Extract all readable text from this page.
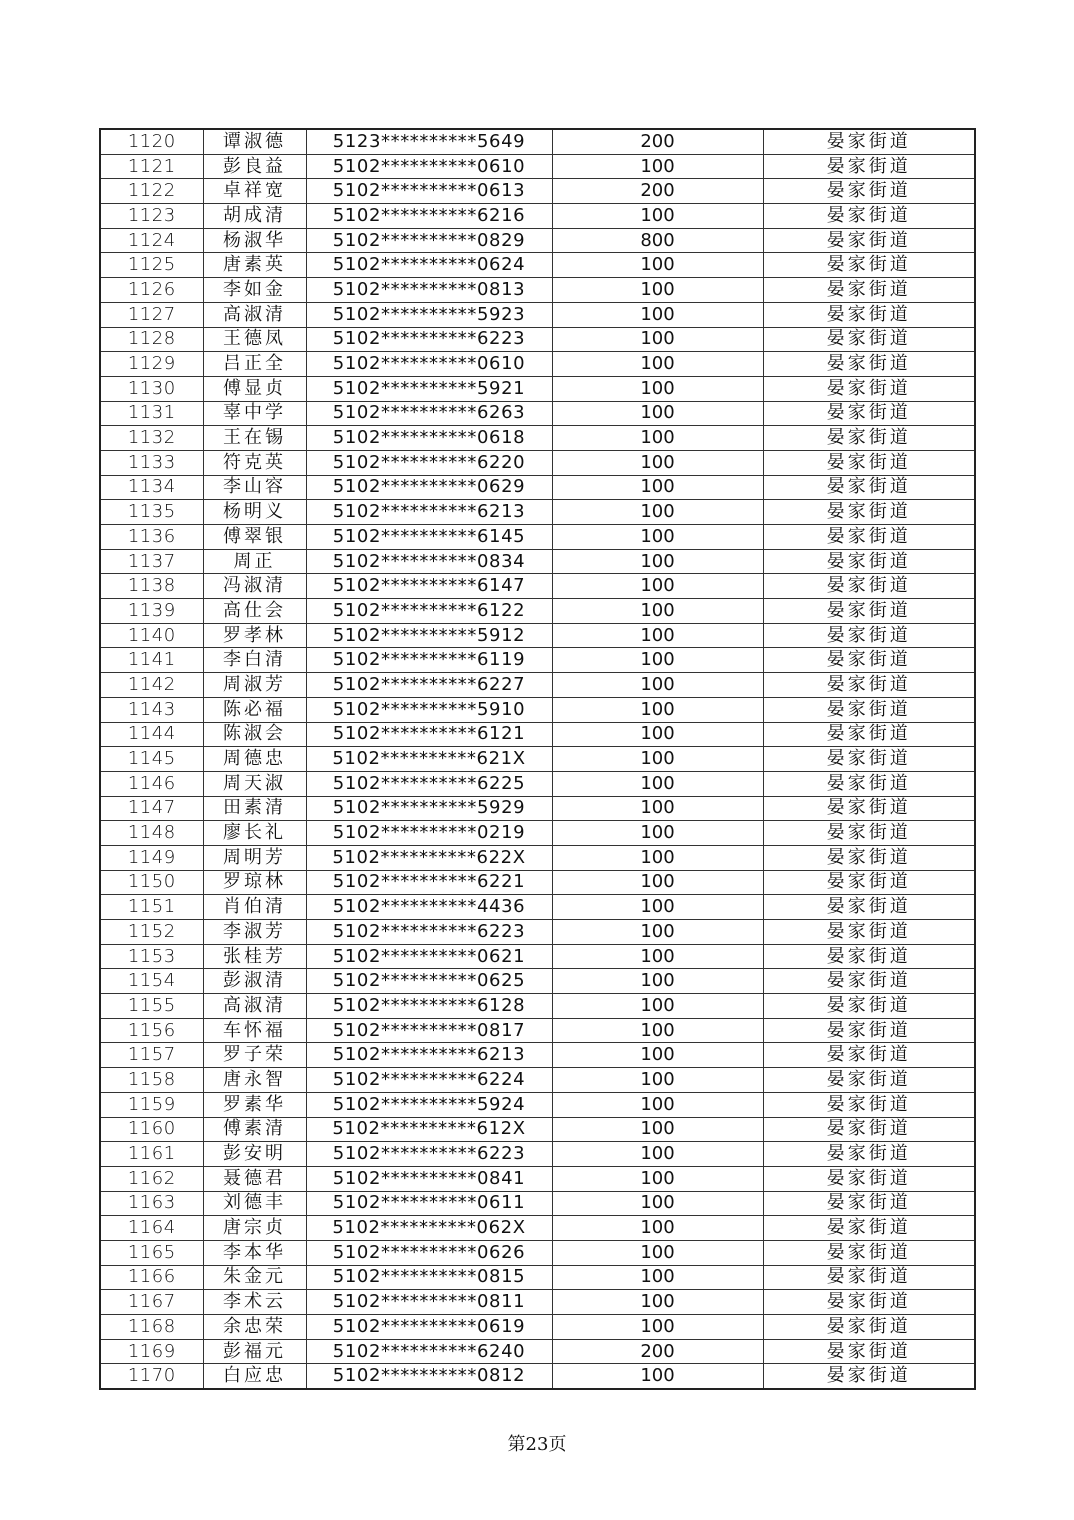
1120	谭淑德	5123**********5649	200	晏家街道
1121	彭良益	5102**********0610	100	晏家街道
1122	卓祥宽	5102**********0613	200	晏家街道
1123	胡成清	5102**********6216	100	晏家街道
1124	杨淑华	5102**********0829	800	晏家街道
1125	唐素英	5102**********0624	100	晏家街道
1126	李如金	5102**********0813	100	晏家街道
1127	高淑清	5102**********5923	100	晏家街道
1128	王德凤	5102**********6223	100	晏家街道
1129	吕正全	5102**********0610	100	晏家街道
1130	傅显贞	5102**********5921	100	晏家街道
1131	辜中学	5102**********6263	100	晏家街道
1132	王在锡	5102**********0618	100	晏家街道
1133	符克英	5102**********6220	100	晏家街道
1134	李山容	5102**********0629	100	晏家街道
1135	杨明义	5102**********6213	100	晏家街道
1136	傅翠银	5102**********6145	100	晏家街道
1137	周正	5102**********0834	100	晏家街道
1138	冯淑清	5102**********6147	100	晏家街道
1139	高仕会	5102**********6122	100	晏家街道
1140	罗孝林	5102**********5912	100	晏家街道
1141	李白清	5102**********6119	100	晏家街道
1142	周淑芳	5102**********6227	100	晏家街道
1143	陈必福	5102**********5910	100	晏家街道
1144	陈淑会	5102**********6121	100	晏家街道
1145	周德忠	5102**********621X	100	晏家街道
1146	周天淑	5102**********6225	100	晏家街道
1147	田素清	5102**********5929	100	晏家街道
1148	廖长礼	5102**********0219	100	晏家街道
1149	周明芳	5102**********622X	100	晏家街道
1150	罗琼林	5102**********6221	100	晏家街道
1151	肖伯清	5102**********4436	100	晏家街道
1152	李淑芳	5102**********6223	100	晏家街道
1153	张桂芳	5102**********0621	100	晏家街道
1154	彭淑清	5102**********0625	100	晏家街道
1155	高淑清	5102**********6128	100	晏家街道
1156	车怀福	5102**********0817	100	晏家街道
1157	罗子荣	5102**********6213	100	晏家街道
1158	唐永智	5102**********6224	100	晏家街道
1159	罗素华	5102**********5924	100	晏家街道
1160	傅素清	5102**********612X	100	晏家街道
1161	彭安明	5102**********6223	100	晏家街道
1162	聂德君	5102**********0841	100	晏家街道
1163	刘德丰	5102**********0611	100	晏家街道
1164	唐宗贞	5102**********062X	100	晏家街道
1165	李本华	5102**********0626	100	晏家街道
1166	朱金元	5102**********0815	100	晏家街道
1167	李术云	5102**********0811	100	晏家街道
1168	余忠荣	5102**********0619	100	晏家街道
1169	彭福元	5102**********6240	200	晏家街道
1170	白应忠	5102**********0812	100	晏家街道
第23页
